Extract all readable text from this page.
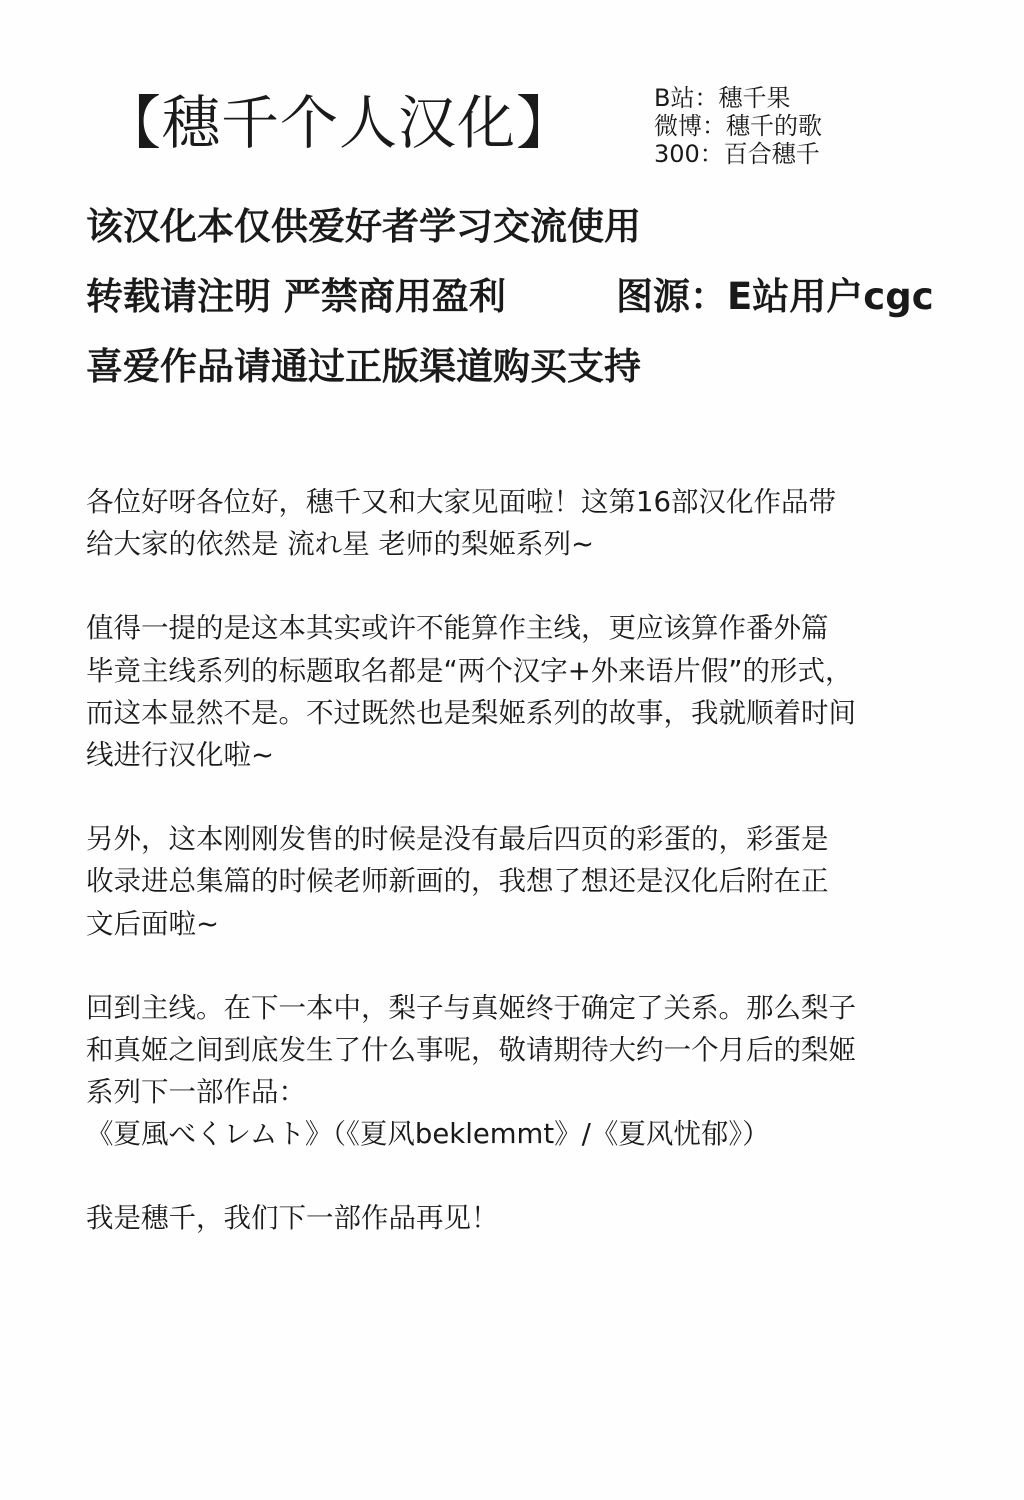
【穗千个人汉化】	B站：穗千果
微博：穗千的歌
300：百合穗千
该汉化本仅供爱好者学习交流使用
转载请注明 严禁商用盈利	图源：E站用户cgc
喜爱作品请通过正版渠道购买支持
各位好呀各位好，穗千又和大家见面啦！这第16部汉化作品带
给大家的依然是 流れ星 老师的梨姬系列~
值得一提的是这本其实或许不能算作主线，更应该算作番外篇
毕竟主线系列的标题取名都是“两个汉字+外来语片假”的形式，
而这本显然不是。不过既然也是梨姬系列的故事，我就顺着时间
线进行汉化啦~
另外，这本刚刚发售的时候是没有最后四页的彩蛋的，彩蛋是
收录进总集篇的时候老师新画的，我想了想还是汉化后附在正
文后面啦~
回到主线。在下一本中，梨子与真姬终于确定了关系。那么梨子
和真姬之间到底发生了什么事呢，敬请期待大约一个月后的梨姬
系列下一部作品：
《夏風べくレムト》（《夏风beklemmt》/《夏风忧郁》）
我是穗千，我们下一部作品再见！
